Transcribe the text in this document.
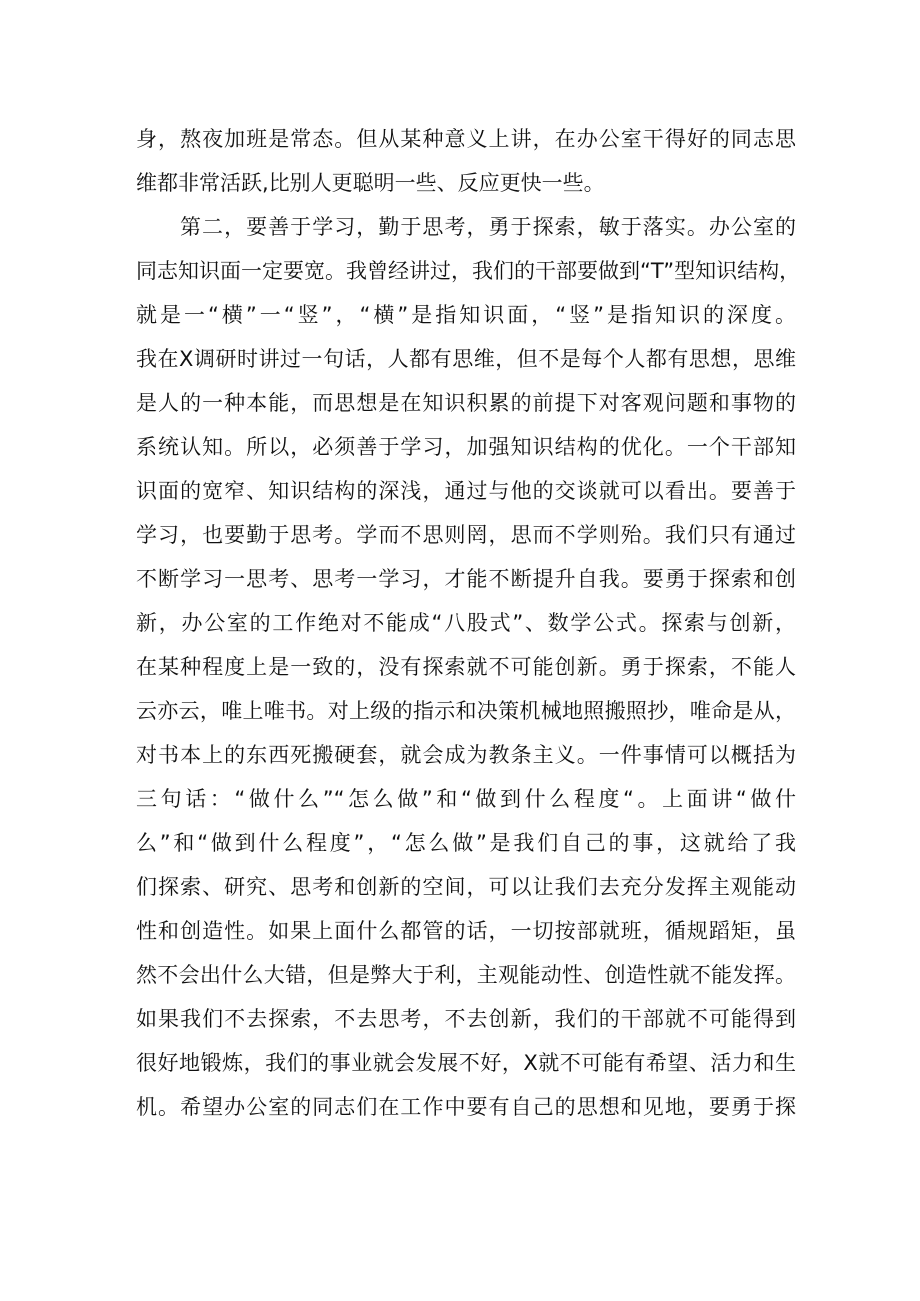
身，熬夜加班是常态。但从某种意义上讲，在办公室干得好的同志思
维都非常活跃,比别人更聪明一些、反应更快一些。
第二，要善于学习，勤于思考，勇于探索，敏于落实。办公室的
同志知识面一定要宽。我曾经讲过，我们的干部要做到“T”型知识结构，
就是一“横”一“竖”，“横”是指知识面，“竖”是指知识的深度。
我在X调研时讲过一句话，人都有思维，但不是每个人都有思想，思维
是人的一种本能，而思想是在知识积累的前提下对客观问题和事物的
系统认知。所以，必须善于学习，加强知识结构的优化。一个干部知
识面的宽窄、知识结构的深浅，通过与他的交谈就可以看出。要善于
学习，也要勤于思考。学而不思则罔，思而不学则殆。我们只有通过
不断学习一思考、思考一学习，才能不断提升自我。要勇于探索和创
新，办公室的工作绝对不能成“八股式”、数学公式。探索与创新，
在某种程度上是一致的，没有探索就不可能创新。勇于探索，不能人
云亦云，唯上唯书。对上级的指示和决策机械地照搬照抄，唯命是从，
对书本上的东西死搬硬套，就会成为教条主义。一件事情可以概括为
三句话：“做什么”“怎么做”和“做到什么程度“。上面讲“做什
么”和“做到什么程度”，“怎么做”是我们自己的事，这就给了我
们探索、研究、思考和创新的空间，可以让我们去充分发挥主观能动
性和创造性。如果上面什么都管的话，一切按部就班，循规蹈矩，虽
然不会出什么大错，但是弊大于利，主观能动性、创造性就不能发挥。
如果我们不去探索，不去思考，不去创新，我们的干部就不可能得到
很好地锻炼，我们的事业就会发展不好，X就不可能有希望、活力和生
机。希望办公室的同志们在工作中要有自己的思想和见地，要勇于探
